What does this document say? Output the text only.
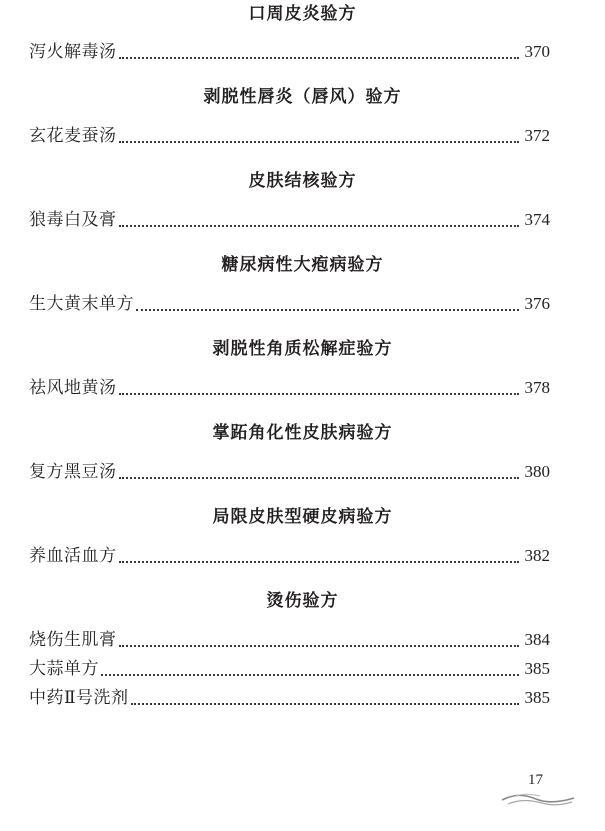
口周皮炎验方
泻火解毒汤	370
剥脱性唇炎（唇风）验方
玄花麦蚕汤	372
皮肤结核验方
狼毒白及膏	374
糖尿病性大疱病验方
生大黄末单方	376
剥脱性角质松解症验方
祛风地黄汤	378
掌跖角化性皮肤病验方
复方黑豆汤	380
局限皮肤型硬皮病验方
养血活血方	382
烫伤验方
烧伤生肌膏	384
大蒜单方	385
中药Ⅱ号洗剂	385
17
